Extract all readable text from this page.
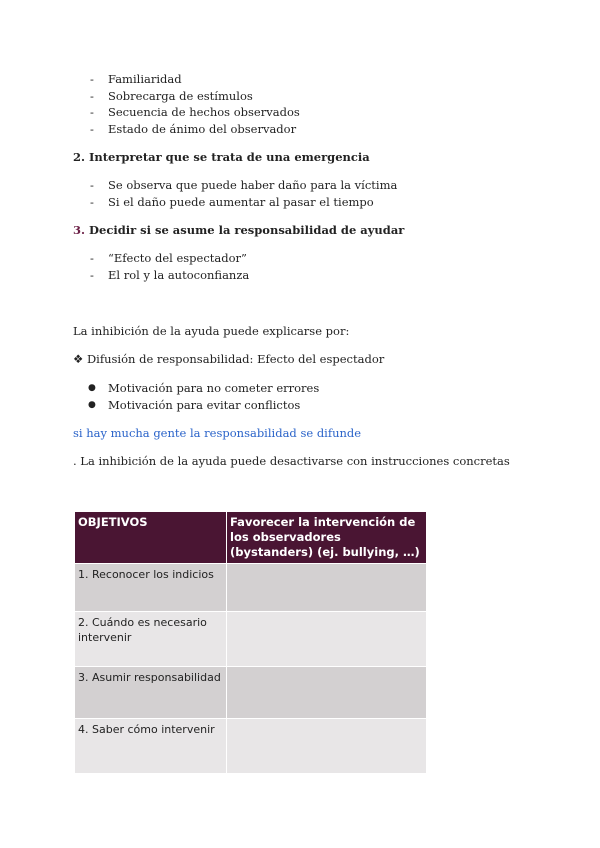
- Familiaridad
- Sobrecarga de estímulos
- Secuencia de hechos observados
- Estado de ánimo del observador
2. Interpretar que se trata de una emergencia
- Se observa que puede haber daño para la víctima
- Si el daño puede aumentar al pasar el tiempo
3. Decidir si se asume la responsabilidad de ayudar
- “Efecto del espectador”
- El rol y la autoconfianza
La inhibición de la ayuda puede explicarse por:
❖ Difusión de responsabilidad: Efecto del espectador
● Motivación para no cometer errores
● Motivación para evitar conflictos
si hay mucha gente la responsabilidad se difunde
. La inhibición de la ayuda puede desactivarse con instrucciones concretas
OBJETIVOS	Favorecer la intervención de los observadores (bystanders) (ej. bullying, …)
1. Reconocer los indicios	
2. Cuándo es necesario intervenir	
3. Asumir responsabilidad	
4. Saber cómo intervenir	
